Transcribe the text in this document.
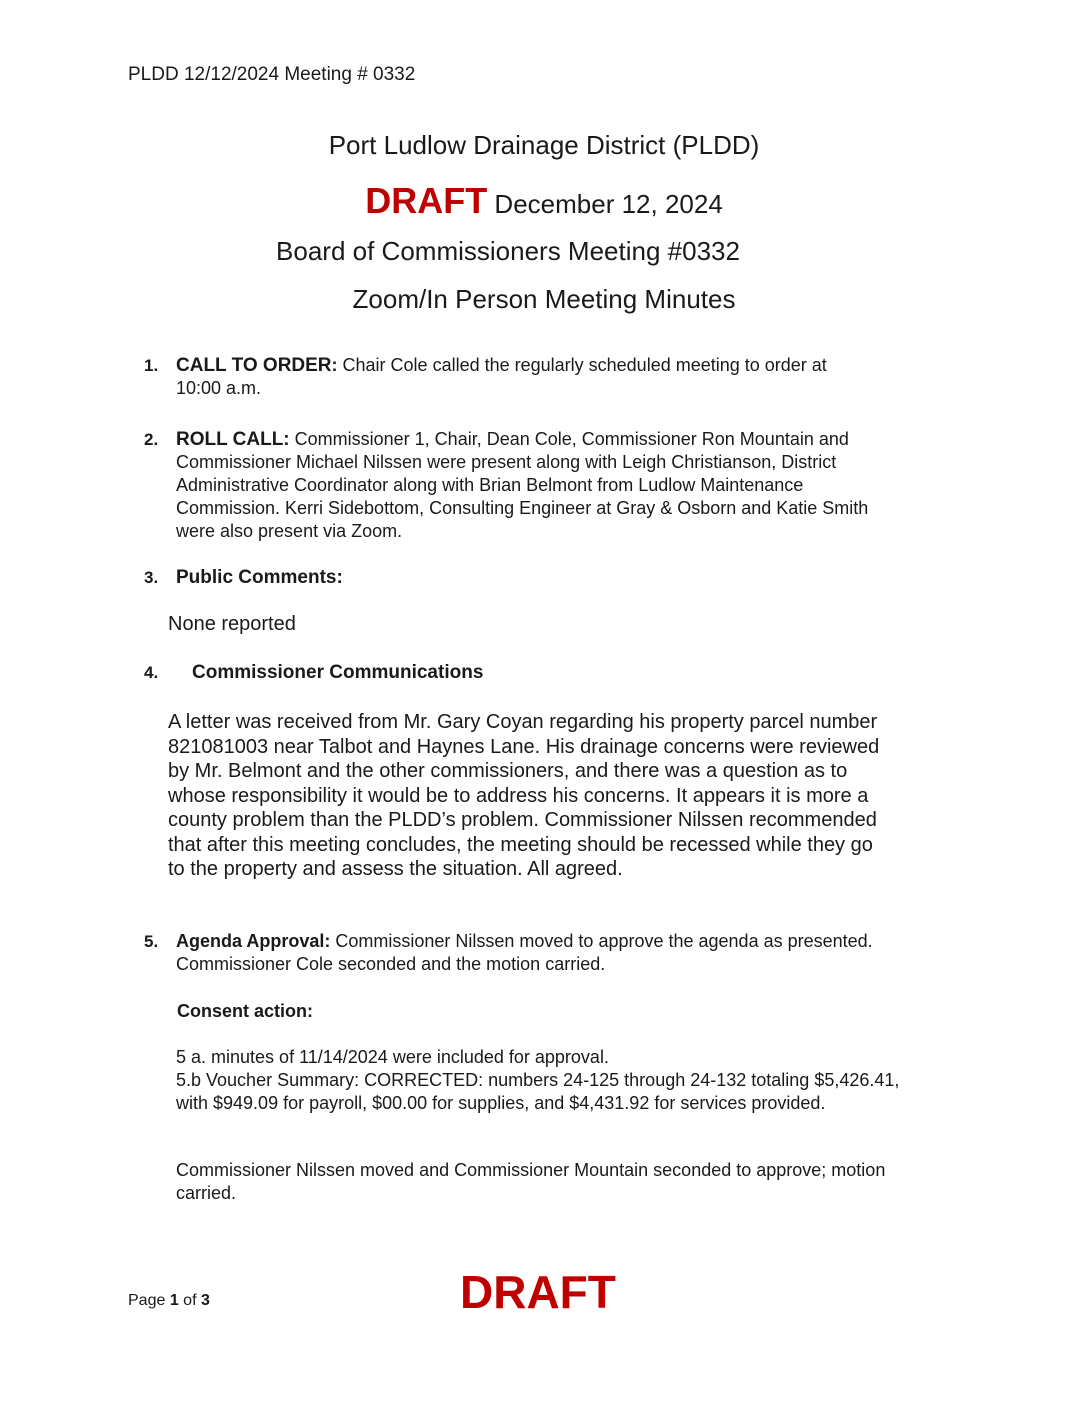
PLDD 12/12/2024 Meeting # 0332
Port Ludlow Drainage District (PLDD)
DRAFT December 12, 2024
Board of Commissioners Meeting #0332
Zoom/In Person Meeting Minutes
1. CALL TO ORDER: Chair Cole called the regularly scheduled meeting to order at 10:00 a.m.
2. ROLL CALL: Commissioner 1, Chair, Dean Cole, Commissioner Ron Mountain and Commissioner Michael Nilssen were present along with Leigh Christianson, District Administrative Coordinator along with Brian Belmont from Ludlow Maintenance Commission. Kerri Sidebottom, Consulting Engineer at Gray & Osborn and Katie Smith were also present via Zoom.
3. Public Comments:
None reported
4. Commissioner Communications
A letter was received from Mr. Gary Coyan regarding his property parcel number 821081003 near Talbot and Haynes Lane. His drainage concerns were reviewed by Mr. Belmont and the other commissioners, and there was a question as to whose responsibility it would be to address his concerns. It appears it is more a county problem than the PLDD’s problem. Commissioner Nilssen recommended that after this meeting concludes, the meeting should be recessed while they go to the property and assess the situation. All agreed.
5. Agenda Approval: Commissioner Nilssen moved to approve the agenda as presented. Commissioner Cole seconded and the motion carried.
Consent action:
5 a. minutes of 11/14/2024 were included for approval.
5.b Voucher Summary: CORRECTED: numbers 24-125 through 24-132 totaling $5,426.41, with $949.09 for payroll, $00.00 for supplies, and $4,431.92 for services provided.
Commissioner Nilssen moved and Commissioner Mountain seconded to approve; motion carried.
Page 1 of 3	DRAFT
